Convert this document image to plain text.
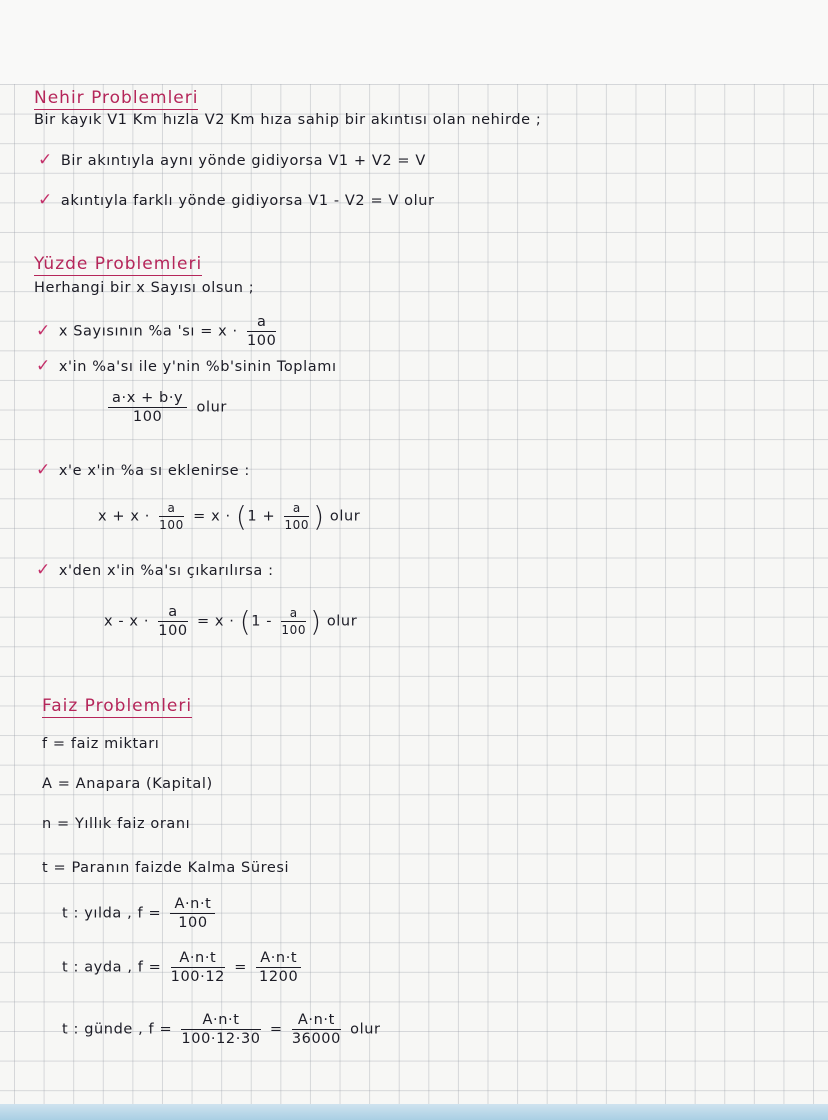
Nehir Problemleri
Bir kayık V1 Km hızla V2 Km hıza sahip bir akıntısı olan nehirde ;
✓ Bir akıntıyla aynı yönde gidiyorsa V1 + V2 = V
✓ akıntıyla farklı yönde gidiyorsa V1 - V2 = V olur
Yüzde Problemleri
Herhangi bir x Sayısı olsun ;
✓ x Sayısının %a 'sı = $x \cdot \frac{a}{100}$
✓ x'in %a'sı ile y'nin %b'sinin Toplamı
$\frac{a\cdot x + b\cdot y}{100}$ olur
✓ x'e x'in %a sı eklenirse :
$x + x \cdot \frac{a}{100} = x \cdot (1 + \frac{a}{100}$ ) olur
✓ x'den x'in %a'sı çıkarılırsa :
$x - x \cdot \frac{a}{100} = x \cdot (1 - \frac{a}{100}$ ) olur
Faiz Problemleri
f = faiz miktarı
A = Anapara (Kapital)
n = Yıllık faiz oranı
t = Paranın faizde Kalma Süresi
t : yılda , $f = \frac{A\cdot n\cdot t}{100}$
t : ayda , $f = \frac{A\cdot n\cdot t}{100\cdot 12} = \frac{A\cdot n\cdot t}{1200}$
t : günde , $f = \frac{A\cdot n\cdot t}{100\cdot 12\cdot 30} = \frac{A\cdot n\cdot t}{36000}$ olur
